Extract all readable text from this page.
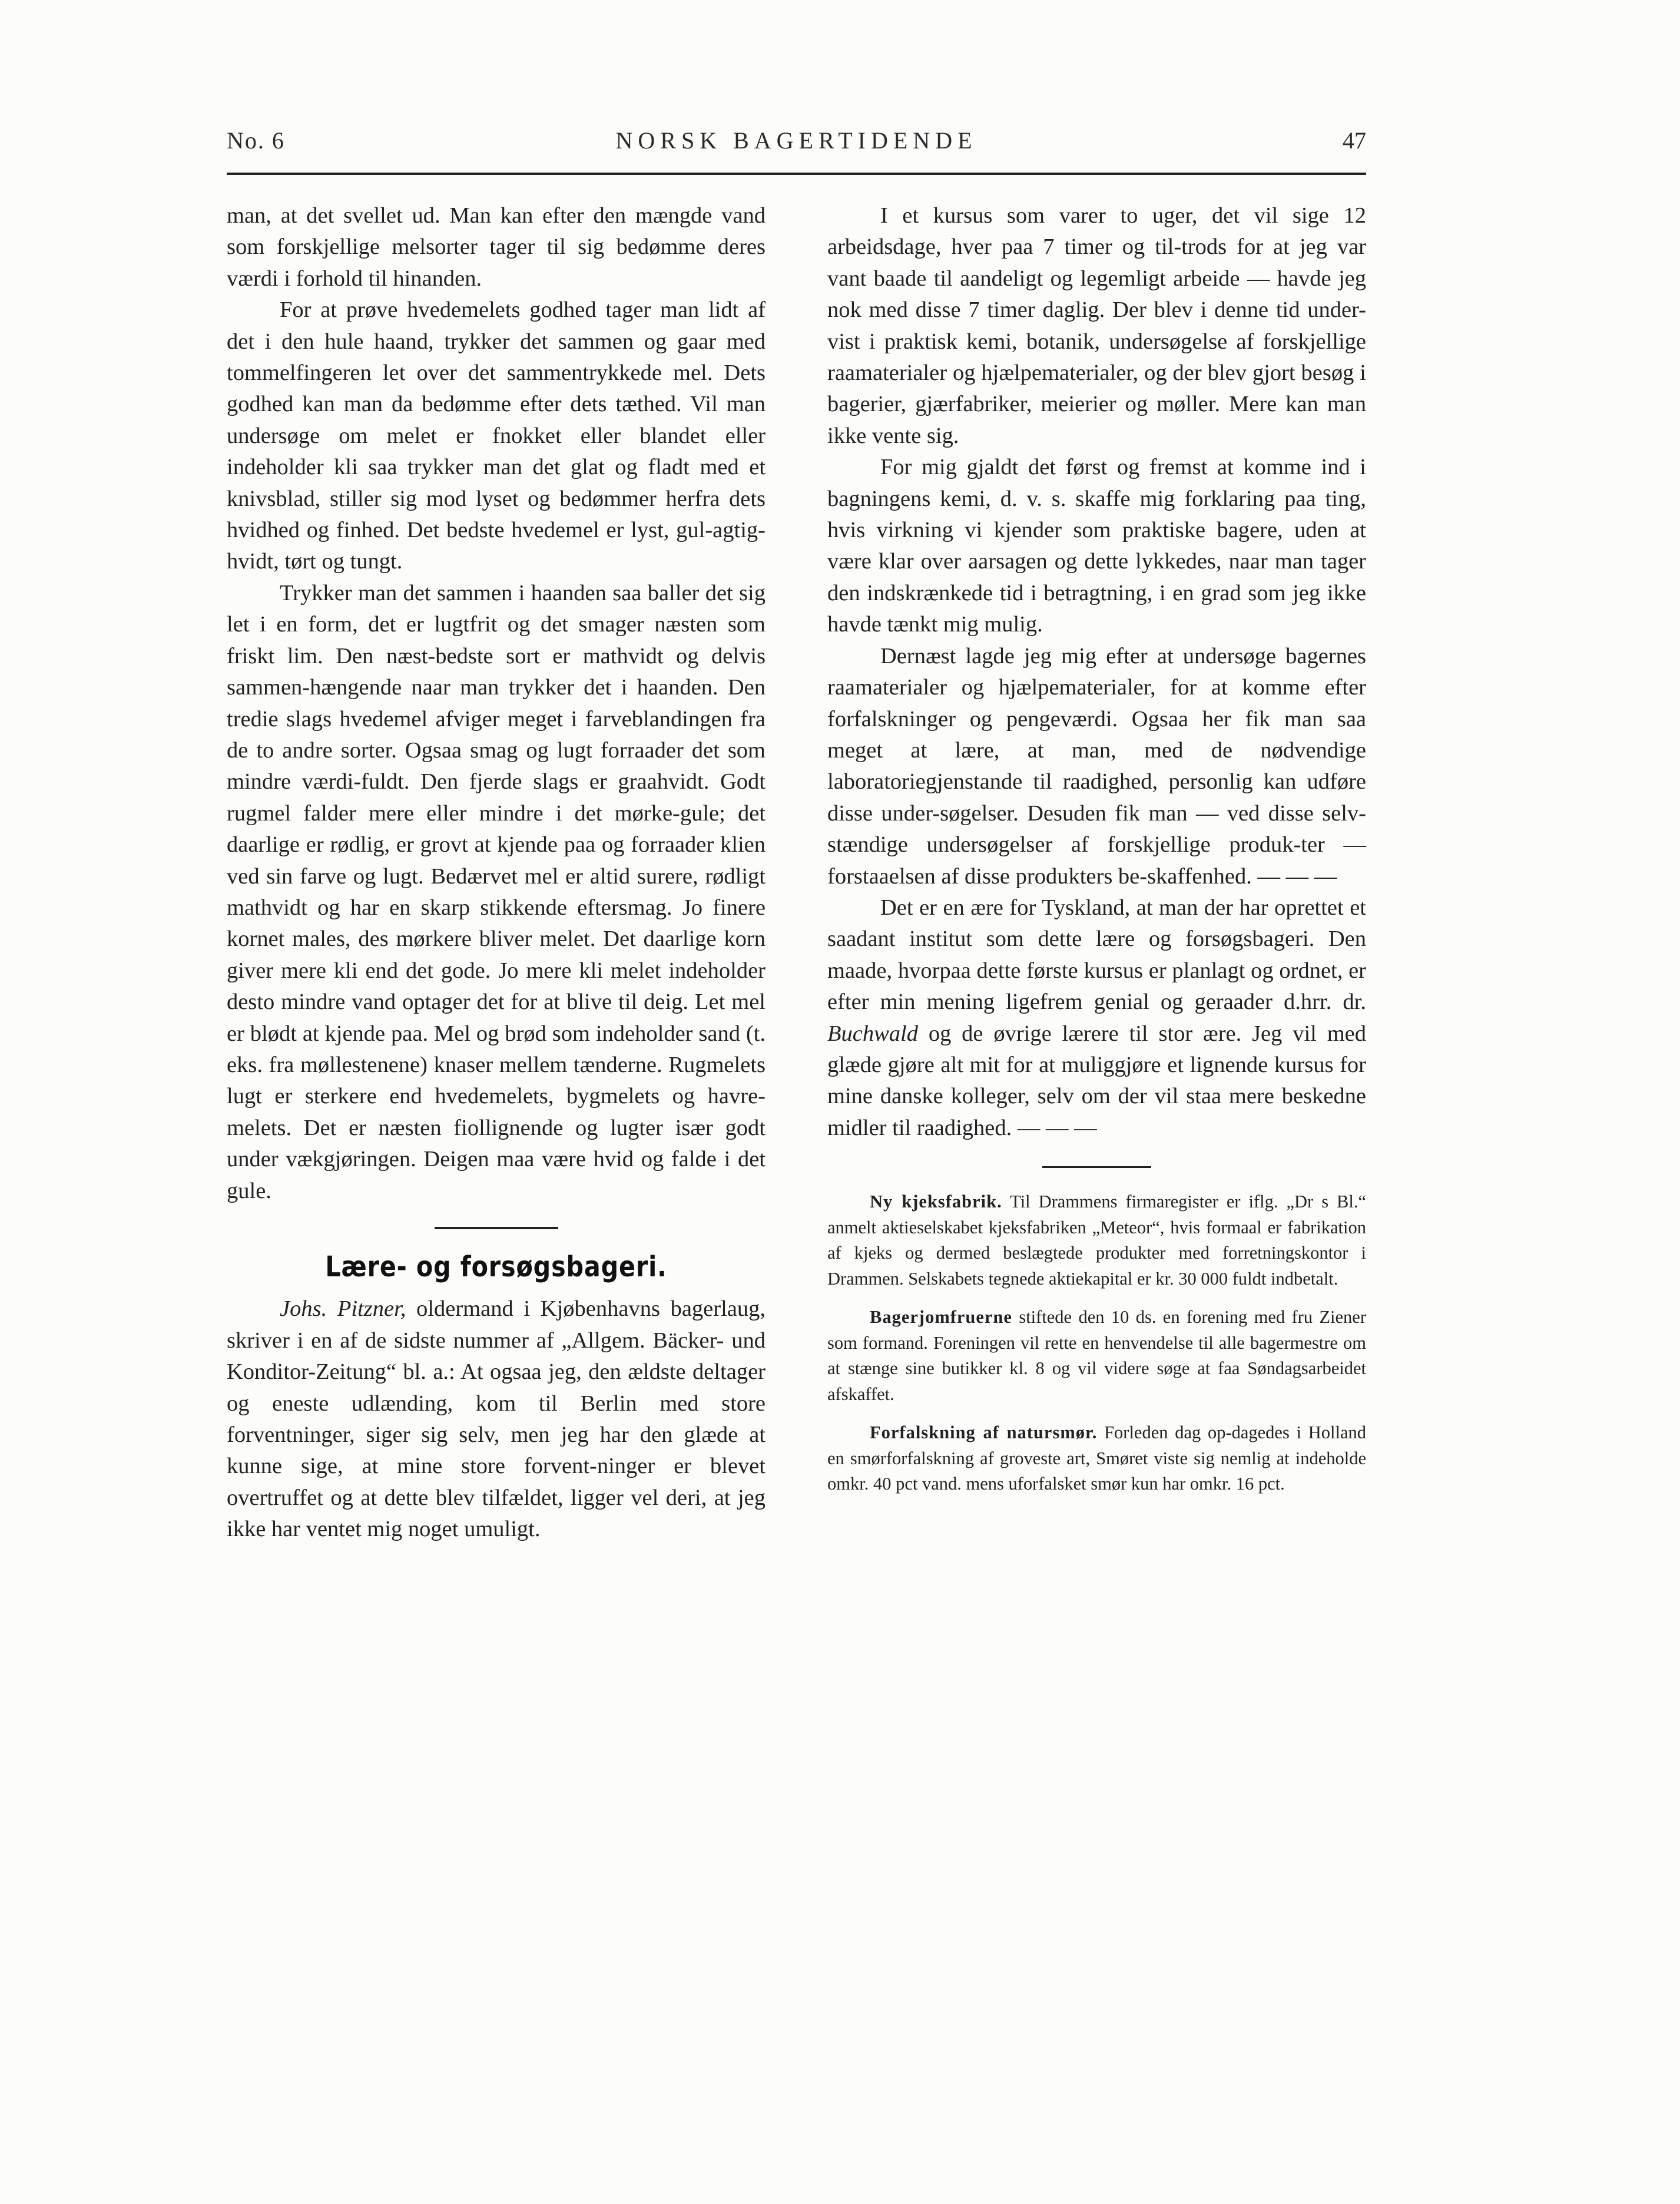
No. 6	NORSK BAGERTIDENDE	47

man, at det svellet ud. Man kan efter den mængde vand som forskjellige melsorter tager til sig bedømme deres værdi i forhold til hinanden.

For at prøve hvedemelets godhed tager man lidt af det i den hule haand, trykker det sammen og gaar med tommelfingeren let over det sammentrykkede mel. Dets godhed kan man da bedømme efter dets tæthed. Vil man undersøge om melet er fnokket eller blandet eller indeholder kli saa trykker man det glat og fladt med et knivsblad, stiller sig mod lyset og bedømmer herfra dets hvidhed og finhed. Det bedste hvedemel er lyst, gul-agtig-hvidt, tørt og tungt.

Trykker man det sammen i haanden saa baller det sig let i en form, det er lugtfrit og det smager næsten som friskt lim. Den næst-bedste sort er mathvidt og delvis sammen-hængende naar man trykker det i haanden. Den tredie slags hvedemel afviger meget i farveblandingen fra de to andre sorter. Ogsaa smag og lugt forraader det som mindre værdi-fuldt. Den fjerde slags er graahvidt. Godt rugmel falder mere eller mindre i det mørke-gule; det daarlige er rødlig, er grovt at kjende paa og forraader klien ved sin farve og lugt. Bedærvet mel er altid surere, rødligt mathvidt og har en skarp stikkende eftersmag. Jo finere kornet males, des mørkere bliver melet. Det daarlige korn giver mere kli end det gode. Jo mere kli melet indeholder desto mindre vand optager det for at blive til deig. Let mel er blødt at kjende paa. Mel og brød som indeholder sand (t. eks. fra møllestenene) knaser mellem tænderne. Rugmelets lugt er sterkere end hvedemelets, bygmelets og havre-melets. Det er næsten fiollignende og lugter især godt under vækgjøringen. Deigen maa være hvid og falde i det gule.

Lære- og forsøgsbageri.

Johs. Pitzner, oldermand i Kjøbenhavns bagerlaug, skriver i en af de sidste nummer af „Allgem. Bäcker- und Konditor-Zeitung“ bl. a.: At ogsaa jeg, den ældste deltager og eneste udlænding, kom til Berlin med store forventninger, siger sig selv, men jeg har den glæde at kunne sige, at mine store forvent-ninger er blevet overtruffet og at dette blev tilfældet, ligger vel deri, at jeg ikke har ventet mig noget umuligt.

I et kursus som varer to uger, det vil sige 12 arbeidsdage, hver paa 7 timer og til-trods for at jeg var vant baade til aandeligt og legemligt arbeide — havde jeg nok med disse 7 timer daglig. Der blev i denne tid under-vist i praktisk kemi, botanik, undersøgelse af forskjellige raamaterialer og hjælpematerialer, og der blev gjort besøg i bagerier, gjærfabriker, meierier og møller. Mere kan man ikke vente sig.

For mig gjaldt det først og fremst at komme ind i bagningens kemi, d. v. s. skaffe mig forklaring paa ting, hvis virkning vi kjender som praktiske bagere, uden at være klar over aarsagen og dette lykkedes, naar man tager den indskrænkede tid i betragtning, i en grad som jeg ikke havde tænkt mig mulig.

Dernæst lagde jeg mig efter at undersøge bagernes raamaterialer og hjælpematerialer, for at komme efter forfalskninger og pengeværdi. Ogsaa her fik man saa meget at lære, at man, med de nødvendige laboratoriegjenstande til raadighed, personlig kan udføre disse under-søgelser. Desuden fik man — ved disse selv-stændige undersøgelser af forskjellige produk-ter — forstaaelsen af disse produkters be-skaffenhed. — — —

Det er en ære for Tyskland, at man der har oprettet et saadant institut som dette lære og forsøgsbageri. Den maade, hvorpaa dette første kursus er planlagt og ordnet, er efter min mening ligefrem genial og geraader d.hrr. dr. Buchwald og de øvrige lærere til stor ære. Jeg vil med glæde gjøre alt mit for at muliggjøre et lignende kursus for mine danske kolleger, selv om der vil staa mere beskedne midler til raadighed. — — —

Ny kjeksfabrik. Til Drammens firmaregister er iflg. „Dr s Bl.“ anmelt aktieselskabet kjeksfabriken „Meteor“, hvis formaal er fabrikation af kjeks og dermed beslægtede produkter med forretningskontor i Drammen. Selskabets tegnede aktiekapital er kr. 30 000 fuldt indbetalt.

Bagerjomfruerne stiftede den 10 ds. en forening med fru Ziener som formand. Foreningen vil rette en henvendelse til alle bagermestre om at stænge sine butikker kl. 8 og vil videre søge at faa Søndagsarbeidet afskaffet.

Forfalskning af natursmør. Forleden dag op-dagedes i Holland en smørforfalskning af groveste art, Smøret viste sig nemlig at indeholde omkr. 40 pct vand. mens uforfalsket smør kun har omkr. 16 pct.
